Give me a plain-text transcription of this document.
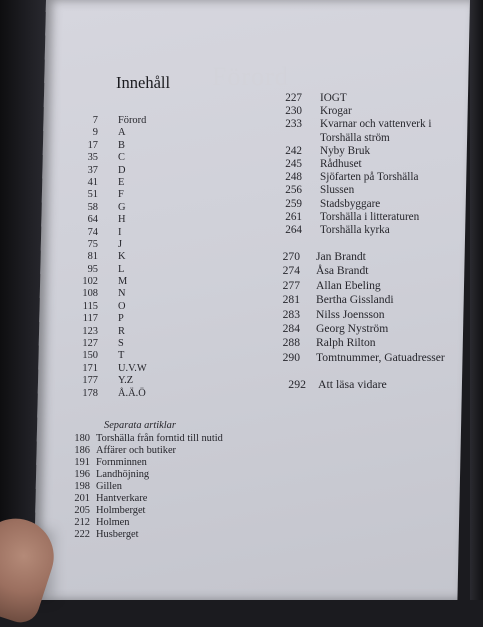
Förord
Innehåll
7 Förord
9 A
17 B
35 C
37 D
41 E
51 F
58 G
64 H
74 I
75 J
81 K
95 L
102 M
108 N
115 O
117 P
123 R
127 S
150 T
171 U.V.W
177 Y.Z
178 Å.Ä.Ö
Separata artiklar
180 Torshälla från forntid till nutid
186 Affärer och butiker
191 Fornminnen
196 Landhöjning
198 Gillen
201 Hantverkare
205 Holmberget
212 Holmen
222 Husberget
227 IOGT
230 Krogar
233 Kvarnar och vattenverk i
Torshälla ström
242 Nyby Bruk
245 Rådhuset
248 Sjöfarten på Torshälla
256 Slussen
259 Stadsbyggare
261 Torshälla i litteraturen
264 Torshälla kyrka
270 Jan Brandt
274 Åsa Brandt
277 Allan Ebeling
281 Bertha Gisslandi
283 Nilss Joensson
284 Georg Nyström
288 Ralph Rilton
290 Tomtnummer, Gatuadresser
292 Att läsa vidare
